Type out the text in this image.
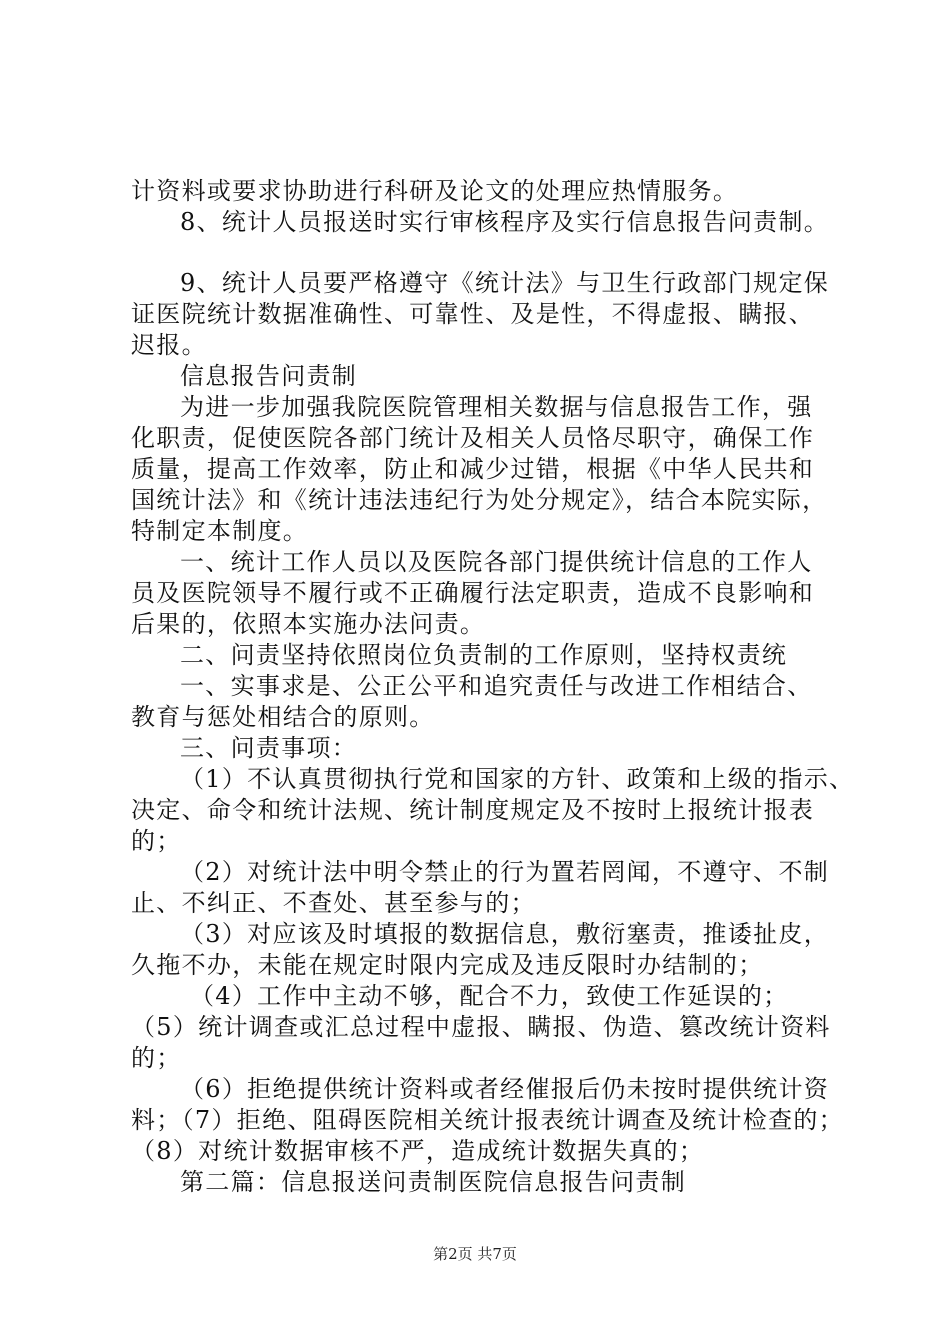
计资料或要求协助进行科研及论文的处理应热情服务。
8、统计人员报送时实行审核程序及实行信息报告问责制。
9、统计人员要严格遵守《统计法》与卫生行政部门规定保
证医院统计数据准确性、可靠性、及是性，不得虚报、瞒报、
迟报。
信息报告问责制
为进一步加强我院医院管理相关数据与信息报告工作，强
化职责，促使医院各部门统计及相关人员恪尽职守，确保工作
质量，提高工作效率，防止和减少过错，根据《中华人民共和
国统计法》和《统计违法违纪行为处分规定》，结合本院实际，
特制定本制度。
一、统计工作人员以及医院各部门提供统计信息的工作人
员及医院领导不履行或不正确履行法定职责，造成不良影响和
后果的，依照本实施办法问责。
二、问责坚持依照岗位负责制的工作原则，坚持权责统
一、实事求是、公正公平和追究责任与改进工作相结合、
教育与惩处相结合的原则。
三、问责事项：
（1）不认真贯彻执行党和国家的方针、政策和上级的指示、
决定、命令和统计法规、统计制度规定及不按时上报统计报表
的；
（2）对统计法中明令禁止的行为置若罔闻，不遵守、不制
止、不纠正、不查处、甚至参与的；
（3）对应该及时填报的数据信息，敷衍塞责，推诿扯皮，
久拖不办，未能在规定时限内完成及违反限时办结制的；
（4）工作中主动不够，配合不力，致使工作延误的；
（5）统计调查或汇总过程中虚报、瞒报、伪造、篡改统计资料
的；
（6）拒绝提供统计资料或者经催报后仍未按时提供统计资
料；（7）拒绝、阻碍医院相关统计报表统计调查及统计检查的；
（8）对统计数据审核不严，造成统计数据失真的；
第二篇：信息报送问责制医院信息报告问责制
第2页 共7页
